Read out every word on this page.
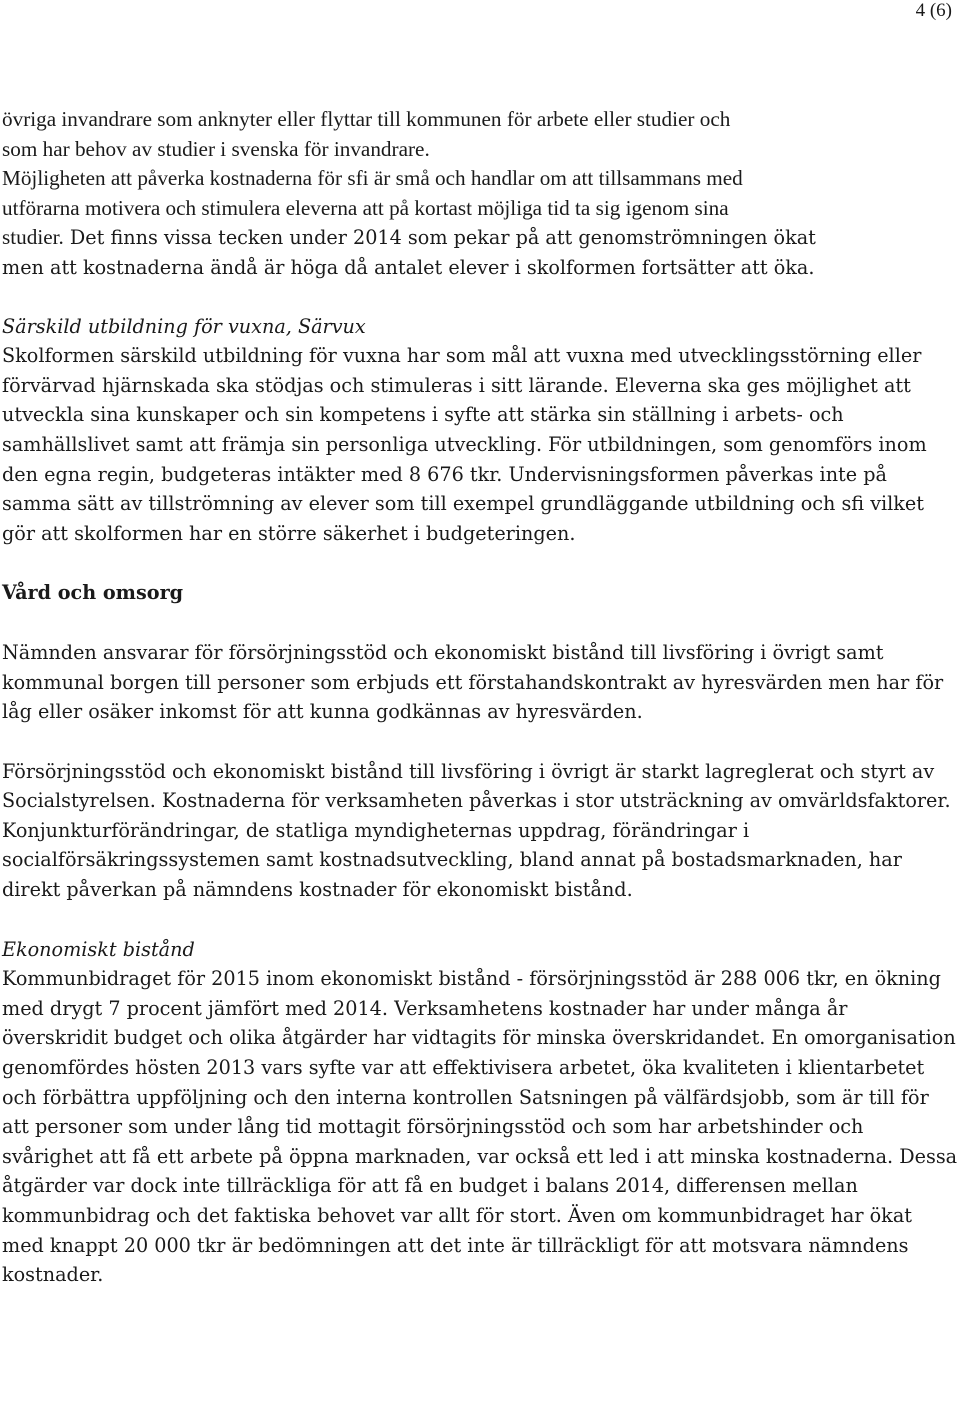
4 (6)
övriga invandrare som anknyter eller flyttar till kommunen för arbete eller studier och
som har behov av studier i svenska för invandrare.
Möjligheten att påverka kostnaderna för sfi är små och handlar om att tillsammans med
utförarna motivera och stimulera eleverna att på kortast möjliga tid ta sig igenom sina
studier. Det finns vissa tecken under 2014 som pekar på att genomströmningen ökat
men att kostnaderna ändå är höga då antalet elever i skolformen fortsätter att öka.
Särskild utbildning för vuxna, Särvux

Skolformen särskild utbildning för vuxna har som mål att vuxna med utvecklingsstörning eller förvärvad hjärnskada ska stödjas och stimuleras i sitt lärande. Eleverna ska ges möjlighet att utveckla sina kunskaper och sin kompetens i syfte att stärka sin ställning i arbets- och samhällslivet samt att främja sin personliga utveckling. För utbildningen, som genomförs inom den egna regin, budgeteras intäkter med 8 676 tkr. Undervisningsformen påverkas inte på samma sätt av tillströmning av elever som till exempel grundläggande utbildning och sfi vilket gör att skolformen har en större säkerhet i budgeteringen.

Vård och omsorg

Nämnden ansvarar för försörjningsstöd och ekonomiskt bistånd till livsföring i övrigt samt kommunal borgen till personer som erbjuds ett förstahandskontrakt av hyresvärden men har för låg eller osäker inkomst för att kunna godkännas av hyresvärden.

Försörjningsstöd och ekonomiskt bistånd till livsföring i övrigt är starkt lagreglerat och styrt av Socialstyrelsen. Kostnaderna för verksamheten påverkas i stor utsträckning av omvärldsfaktorer. Konjunkturförändringar, de statliga myndigheternas uppdrag, förändringar i socialförsäkringssystemen samt kostnadsutveckling, bland annat på bostadsmarknaden, har direkt påverkan på nämndens kostnader för ekonomiskt bistånd.

Ekonomiskt bistånd

Kommunbidraget för 2015 inom ekonomiskt bistånd - försörjningsstöd är 288 006 tkr, en ökning med drygt 7 procent jämfört med 2014. Verksamhetens kostnader har under många år överskridit budget och olika åtgärder har vidtagits för minska överskridandet. En omorganisation genomfördes hösten 2013 vars syfte var att effektivisera arbetet, öka kvaliteten i klientarbetet och förbättra uppföljning och den interna kontrollen Satsningen på välfärdsjobb, som är till för att personer som under lång tid mottagit försörjningsstöd och som har arbetshinder och svårighet att få ett arbete på öppna marknaden, var också ett led i att minska kostnaderna. Dessa åtgärder var dock inte tillräckliga för att få en budget i balans 2014, differensen mellan kommunbidrag och det faktiska behovet var allt för stort. Även om kommunbidraget har ökat med knappt 20 000 tkr är bedömningen att det inte är tillräckligt för att motsvara nämndens kostnader.
